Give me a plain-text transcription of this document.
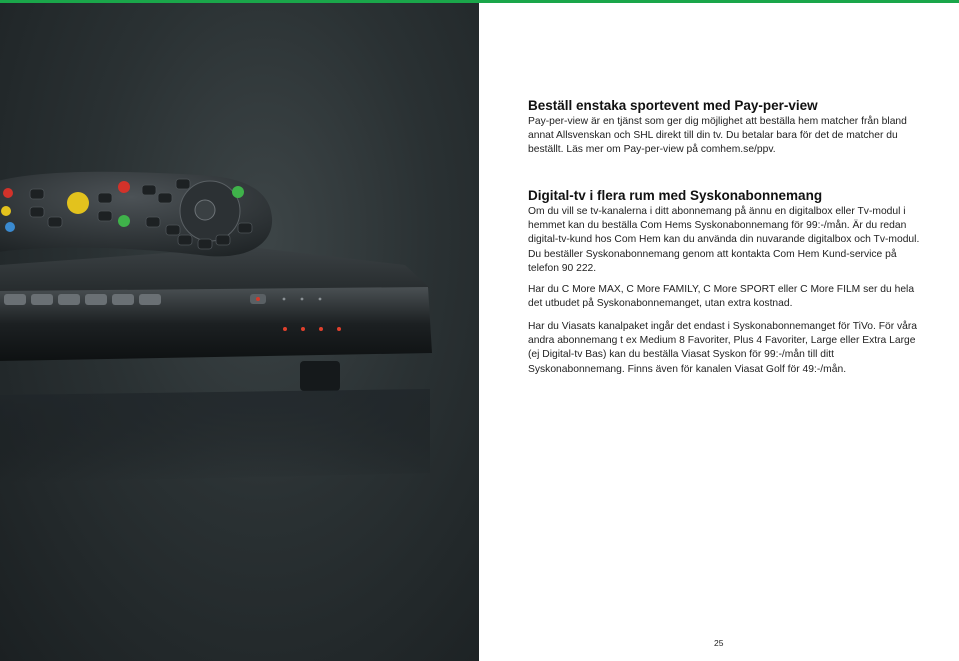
Beställ enstaka sportevent med Pay-per-view
Pay-per-view är en tjänst som ger dig möjlighet att beställa hem matcher från bland annat Allsvenskan och SHL direkt till din tv. Du betalar bara för det de matcher du beställt. Läs mer om Pay-per-view på comhem.se/ppv.
Digital-tv i flera rum med Syskonabonnemang
Om du vill se tv-kanalerna i ditt abonnemang på ännu en digitalbox eller Tv-modul i hemmet kan du beställa Com Hems Syskonabonnemang för 99:-/mån. Är du redan digital-tv-kund hos Com Hem kan du använda din nuvarande digitalbox och Tv-modul. Du beställer Syskonabonnemang genom att kontakta Com Hem Kund-service på telefon 90 222.
Har du C More MAX, C More FAMILY, C More SPORT eller C More FILM ser du hela det utbudet på Syskonabonnemanget, utan extra kostnad.
Har du Viasats kanalpaket ingår det endast i Syskonabonnemanget för TiVo. För våra andra abonnemang t ex Medium 8 Favoriter, Plus 4 Favoriter, Large eller Extra Large (ej Digital-tv Bas) kan du beställa Viasat Syskon för 99:-/mån till ditt Syskonabonnemang. Finns även för kanalen Viasat Golf för 49:-/mån.
25
